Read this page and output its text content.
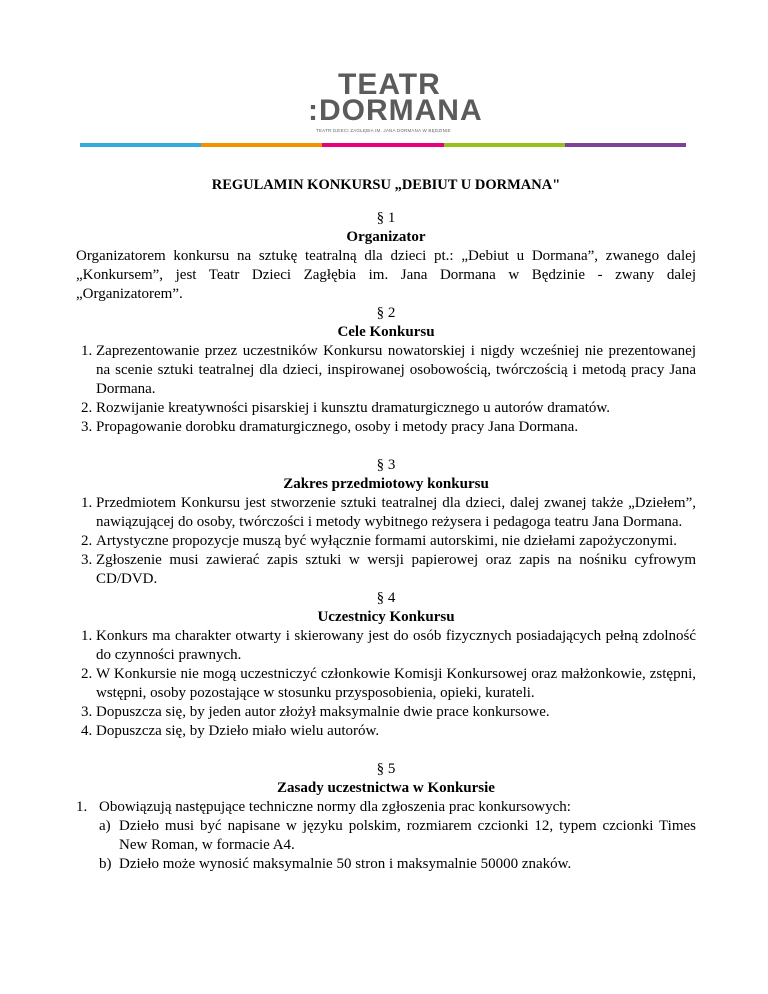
TEATR
:DORMANA
TEATR DZIECI ZAGŁĘBIA IM. JANA DORMANA W BĘDZINIE

REGULAMIN KONKURSU „DEBIUT U DORMANA"

§ 1

Organizator

Organizatorem konkursu na sztukę teatralną dla dzieci pt.: „Debiut u Dormana”, zwanego dalej „Konkursem”, jest Teatr Dzieci Zagłębia im. Jana Dormana w Będzinie - zwany dalej „Organizatorem”.

§ 2

Cele Konkursu

1. Zaprezentowanie przez uczestników Konkursu nowatorskiej i nigdy wcześniej nie prezentowanej na scenie sztuki teatralnej dla dzieci, inspirowanej osobowością, twórczością i metodą pracy Jana Dormana.
2. Rozwijanie kreatywności pisarskiej i kunsztu dramaturgicznego u autorów dramatów.
3. Propagowanie dorobku dramaturgicznego, osoby i metody pracy Jana Dormana.

§ 3

Zakres przedmiotowy konkursu

1. Przedmiotem Konkursu jest stworzenie sztuki teatralnej dla dzieci, dalej zwanej także „Dziełem”, nawiązującej do osoby, twórczości i metody wybitnego reżysera i pedagoga teatru Jana Dormana.
2. Artystyczne propozycje muszą być wyłącznie formami autorskimi, nie dziełami zapożyczonymi.
3. Zgłoszenie musi zawierać zapis sztuki w wersji papierowej oraz zapis na nośniku cyfrowym CD/DVD.

§ 4

Uczestnicy Konkursu

1. Konkurs ma charakter otwarty i skierowany jest do osób fizycznych posiadających pełną zdolność do czynności prawnych.
2. W Konkursie nie mogą uczestniczyć członkowie Komisji Konkursowej oraz małżonkowie, zstępni, wstępni, osoby pozostające w stosunku przysposobienia, opieki, kurateli.
3. Dopuszcza się, by jeden autor złożył maksymalnie dwie prace konkursowe.
4. Dopuszcza się, by Dzieło miało wielu autorów.

§ 5

Zasady uczestnictwa w Konkursie

1. Obowiązują następujące techniczne normy dla zgłoszenia prac konkursowych:
a) Dzieło musi być napisane w języku polskim, rozmiarem czcionki 12, typem czcionki Times New Roman, w formacie A4.
b) Dzieło może wynosić maksymalnie 50 stron i maksymalnie 50000 znaków.
